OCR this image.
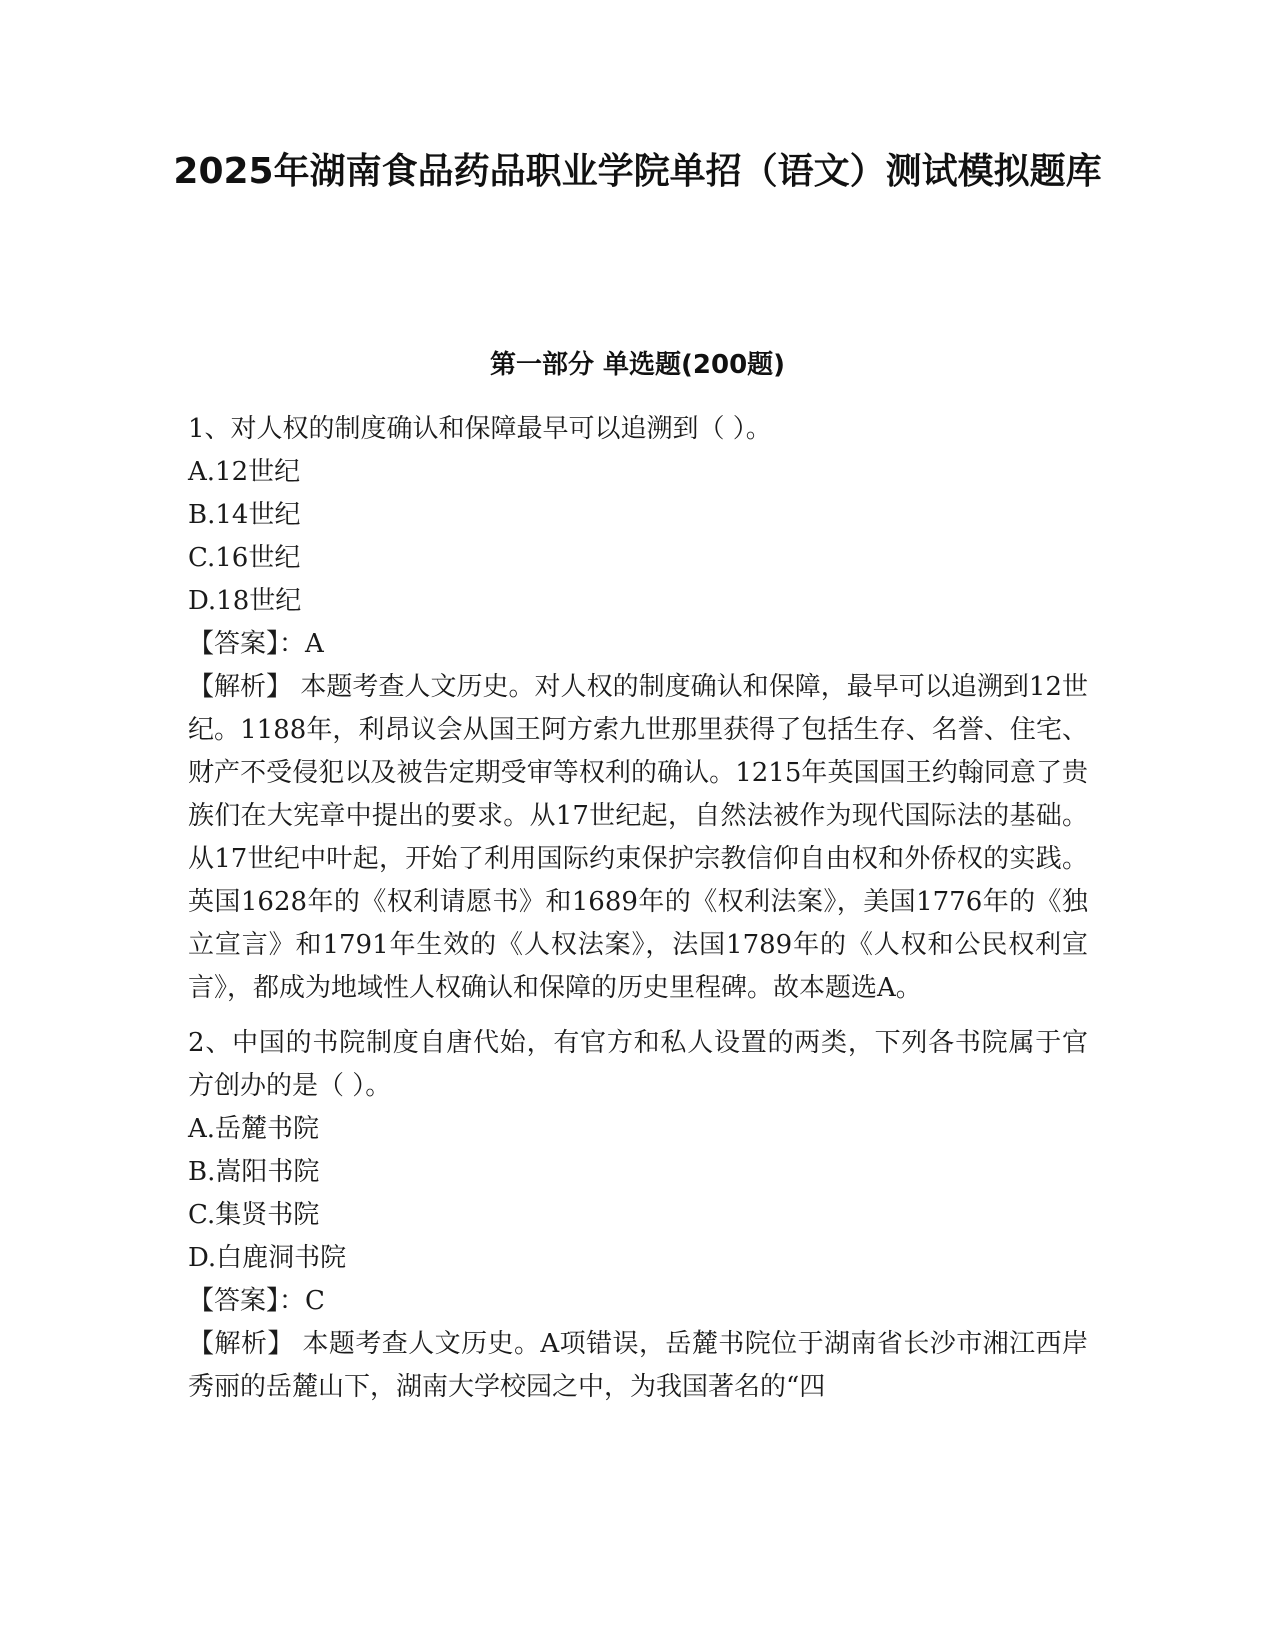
2025年湖南食品药品职业学院单招（语文）测试模拟题库
第一部分 单选题(200题)

1、对人权的制度确认和保障最早可以追溯到（ ）。

A.12世纪

B.14世纪

C.16世纪

D.18世纪

【答案】：A

【解析】 本题考查人文历史。对人权的制度确认和保障，最早可以追溯到12世纪。1188年，利昂议会从国王阿方索九世那里获得了包括生存、名誉、住宅、财产不受侵犯以及被告定期受审等权利的确认。1215年英国国王约翰同意了贵族们在大宪章中提出的要求。从17世纪起，自然法被作为现代国际法的基础。从17世纪中叶起，开始了利用国际约束保护宗教信仰自由权和外侨权的实践。英国1628年的《权利请愿书》和1689年的《权利法案》，美国1776年的《独立宣言》和1791年生效的《人权法案》，法国1789年的《人权和公民权利宣言》，都成为地域性人权确认和保障的历史里程碑。故本题选A。

2、中国的书院制度自唐代始，有官方和私人设置的两类，下列各书院属于官方创办的是（ ）。

A.岳麓书院

B.嵩阳书院

C.集贤书院

D.白鹿洞书院

【答案】：C

【解析】 本题考查人文历史。A项错误，岳麓书院位于湖南省长沙市湘江西岸秀丽的岳麓山下，湖南大学校园之中，为我国著名的“四
